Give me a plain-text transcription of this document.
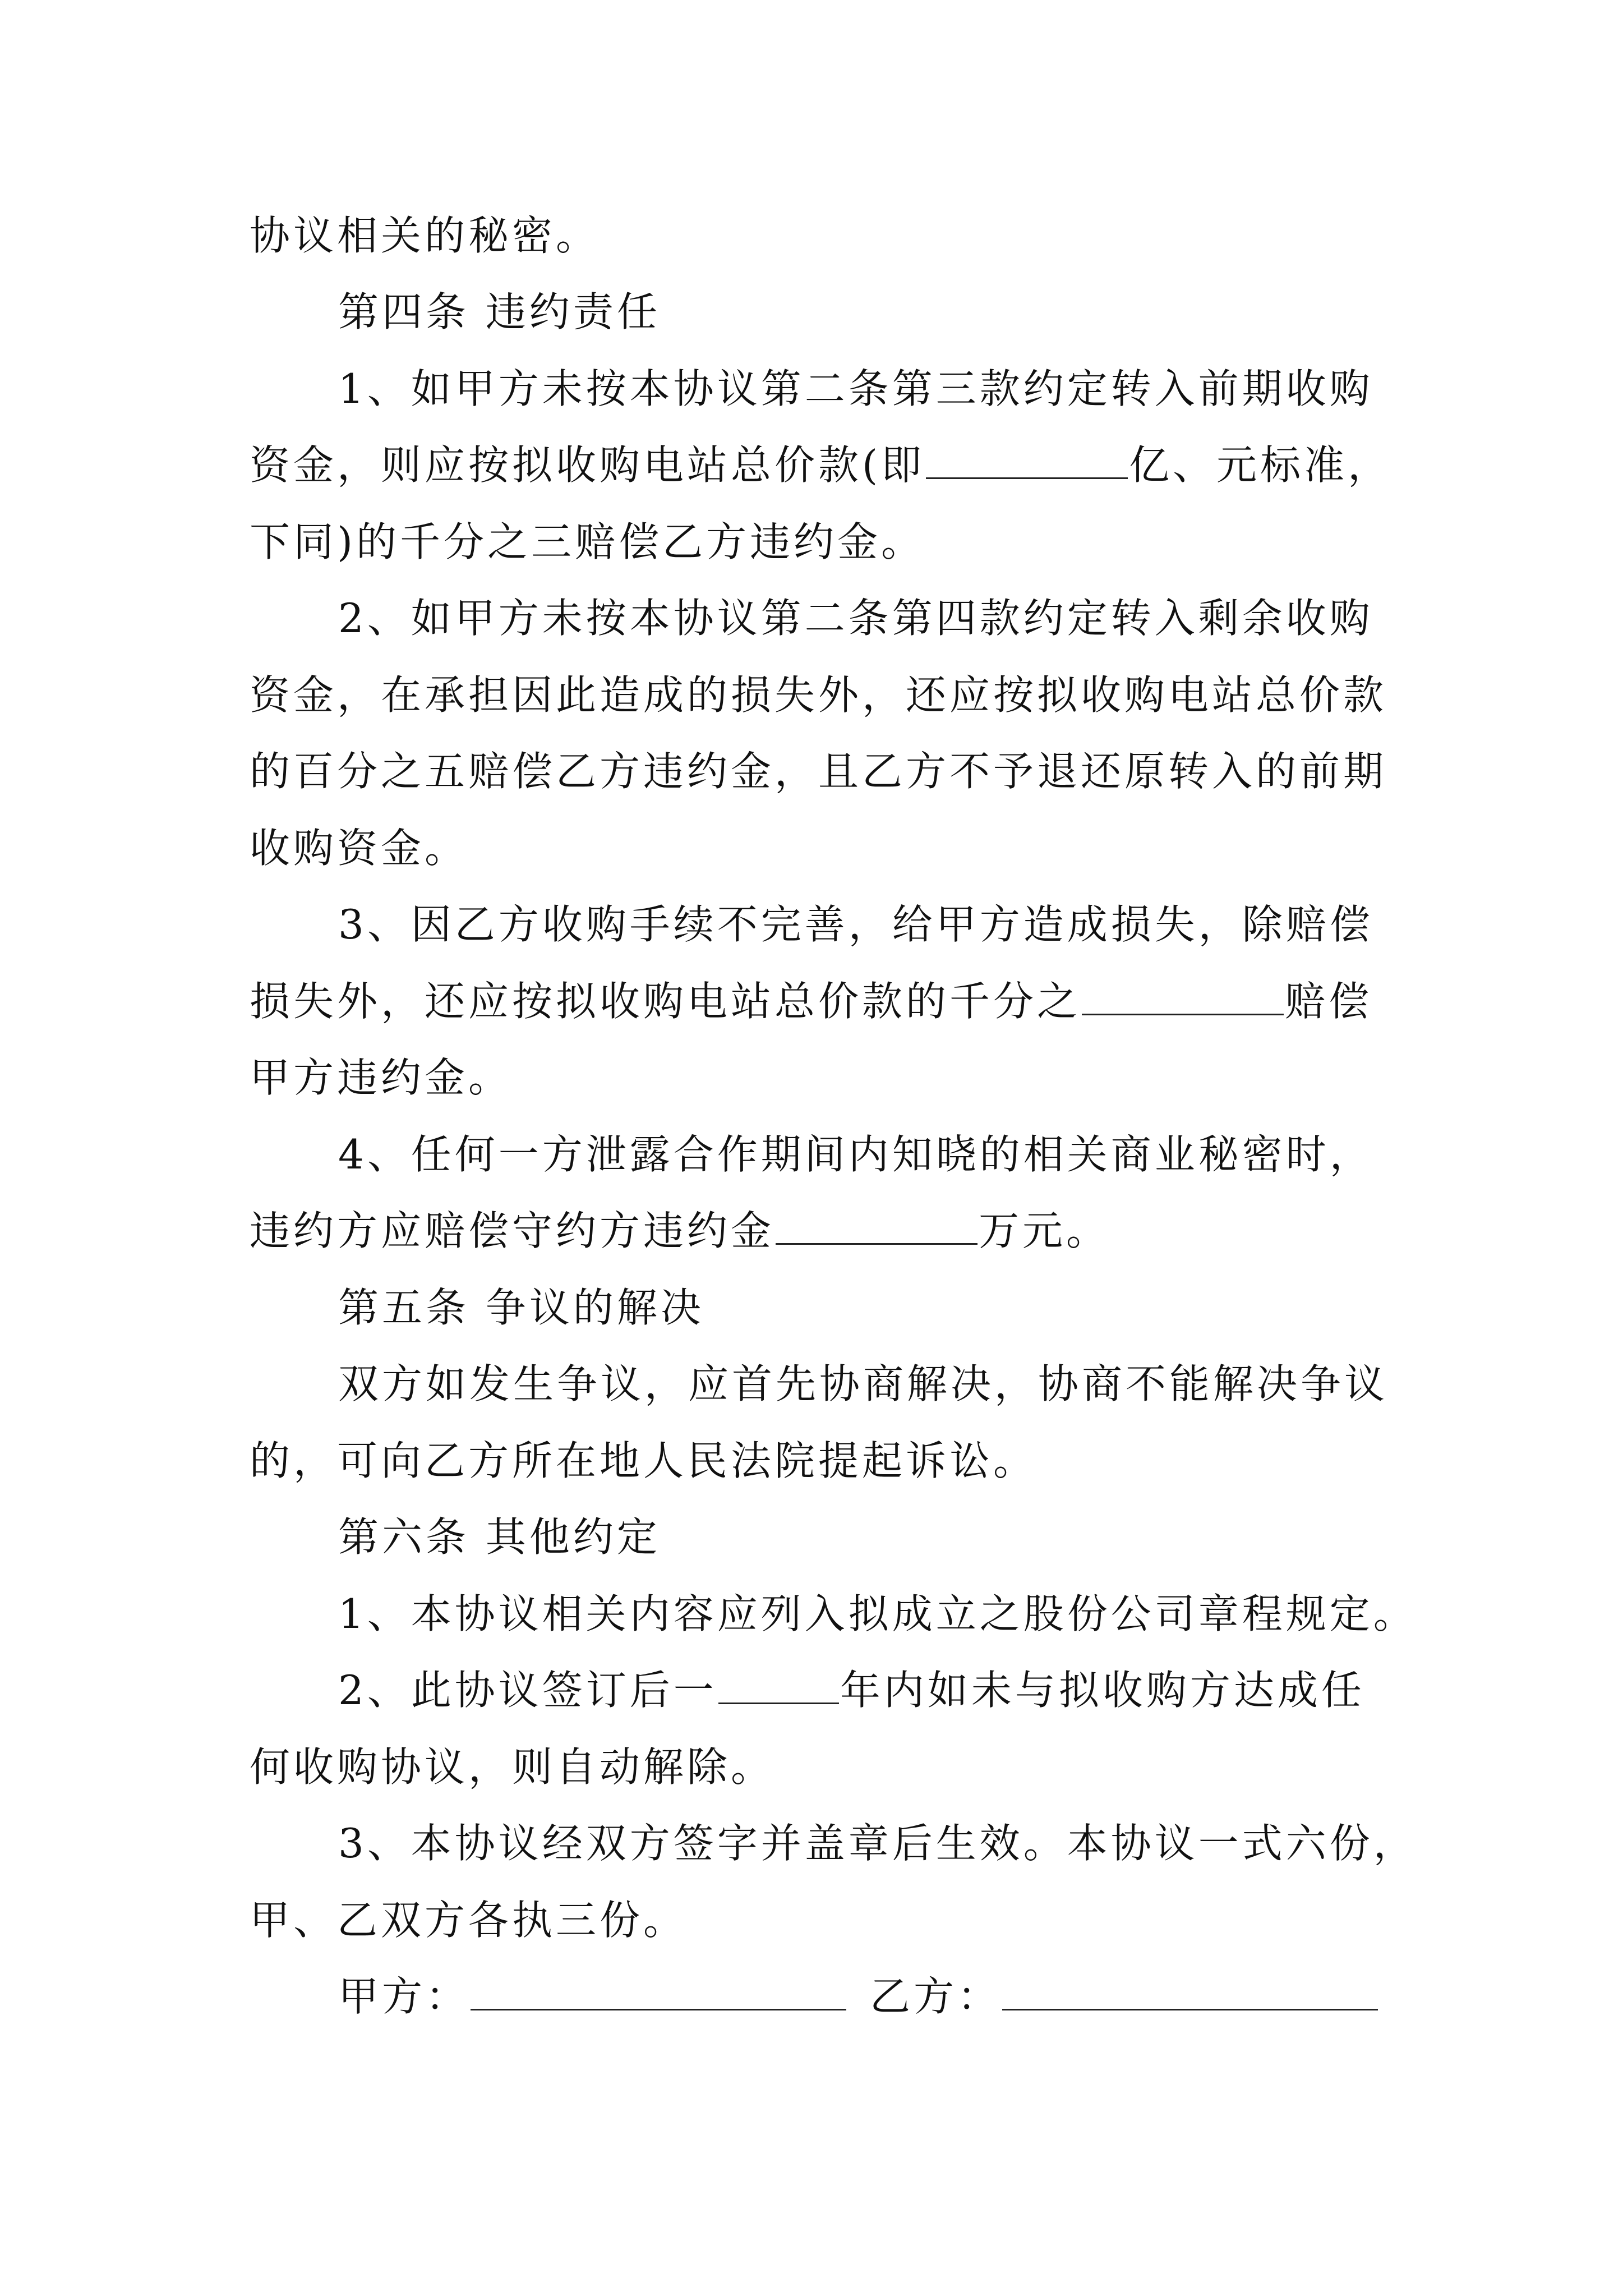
协议相关的秘密。
第四条 违约责任
1、如甲方未按本协议第二条第三款约定转入前期收购
资金，则应按拟收购电站总价款(即	亿、元标准，
下同)的千分之三赔偿乙方违约金。
2、如甲方未按本协议第二条第四款约定转入剩余收购
资金，在承担因此造成的损失外，还应按拟收购电站总价款
的百分之五赔偿乙方违约金，且乙方不予退还原转入的前期
收购资金。
3、因乙方收购手续不完善，给甲方造成损失，除赔偿
损失外，还应按拟收购电站总价款的千分之	赔偿
甲方违约金。
4、任何一方泄露合作期间内知晓的相关商业秘密时，
违约方应赔偿守约方违约金	万元。
第五条 争议的解决
双方如发生争议，应首先协商解决，协商不能解决争议
的，可向乙方所在地人民法院提起诉讼。
第六条 其他约定
1、本协议相关内容应列入拟成立之股份公司章程规定。
2、此协议签订后一	年内如未与拟收购方达成任
何收购协议，则自动解除。
3、本协议经双方签字并盖章后生效。本协议一式六份，
甲、乙双方各执三份。
甲方：	乙方：
